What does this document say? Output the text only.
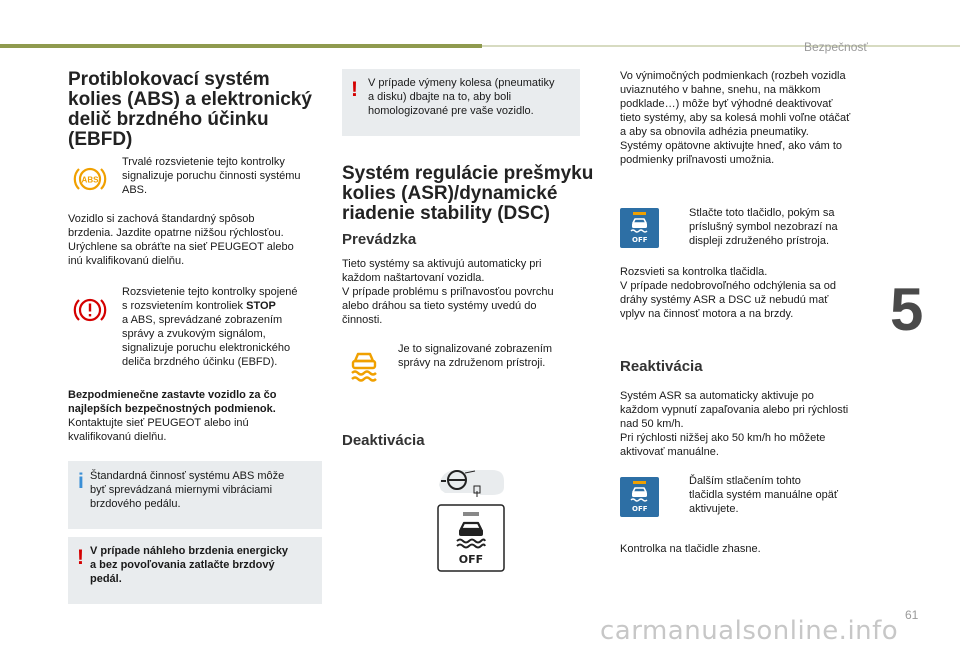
Bezpečnosť
5
Protiblokovací systém
kolies (ABS) a elektronický
delič brzdného účinku
(EBFD)
ABS
Trvalé rozsvietenie tejto kontrolky
signalizuje poruchu činnosti systému
ABS.
Vozidlo si zachová štandardný spôsob
brzdenia. Jazdite opatrne nižšou rýchlosťou.
Urýchlene sa obráťte na sieť PEUGEOT alebo
inú kvalifikovanú dielňu.
Rozsvietenie tejto kontrolky spojené
s rozsvietením kontroliek STOP
a ABS, sprevádzané zobrazením
správy a zvukovým signálom,
signalizuje poruchu elektronického
deliča brzdného účinku (EBFD).
Bezpodmienečne zastavte vozidlo za čo
najlepších bezpečnostných podmienok.
Kontaktujte sieť PEUGEOT alebo inú
kvalifikovanú dielňu.
i Štandardná činnosť systému ABS môže
byť sprevádzaná miernymi vibráciami
brzdového pedálu.
! V prípade náhleho brzdenia energicky
a bez povoľovania zatlačte brzdový
pedál.
! V prípade výmeny kolesa (pneumatiky
a disku) dbajte na to, aby boli
homologizované pre vaše vozidlo.
Systém regulácie prešmyku
kolies (ASR)/dynamické
riadenie stability (DSC)
Prevádzka
Tieto systémy sa aktivujú automaticky pri
každom naštartovaní vozidla.
V prípade problému s priľnavosťou povrchu
alebo dráhou sa tieto systémy uvedú do
činnosti.
Je to signalizované zobrazením
správy na združenom prístroji.
Deaktivácia
OFF
Vo výnimočných podmienkach (rozbeh vozidla
uviaznutého v bahne, snehu, na mäkkom
podklade…) môže byť výhodné deaktivovať
tieto systémy, aby sa kolesá mohli voľne otáčať
a aby sa obnovila adhézia pneumatiky.
Systémy opätovne aktivujte hneď, ako vám to
podmienky priľnavosti umožnia.
OFF
Stlačte toto tlačidlo, pokým sa
príslušný symbol nezobrazí na
displeji združeného prístroja.
Rozsvieti sa kontrolka tlačidla.
V prípade nedobrovoľného odchýlenia sa od
dráhy systémy ASR a DSC už nebudú mať
vplyv na činnosť motora a na brzdy.
Reaktivácia
Systém ASR sa automaticky aktivuje po
každom vypnutí zapaľovania alebo pri rýchlosti
nad 50 km/h.
Pri rýchlosti nižšej ako 50 km/h ho môžete
aktivovať manuálne.
OFF
Ďalším stlačením tohto
tlačidla systém manuálne opäť
aktivujete.
Kontrolka na tlačidle zhasne.
61
carmanualsonline.info
